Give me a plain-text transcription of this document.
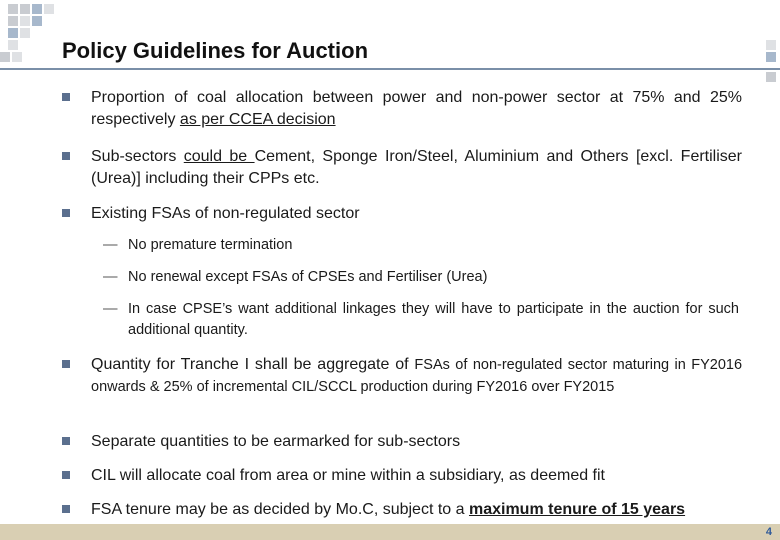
Policy Guidelines for Auction
Proportion of coal allocation between power and non-power sector at 75% and 25% respectively as per CCEA decision
Sub-sectors could be Cement, Sponge Iron/Steel, Aluminium and Others [excl. Fertiliser (Urea)] including their CPPs etc.
Existing FSAs of non-regulated sector
— No premature termination
— No renewal except FSAs of CPSEs and Fertiliser (Urea)
— In case CPSE’s want additional linkages they will have to participate in the auction for such additional quantity.
Quantity for Tranche I shall be aggregate of FSAs of non-regulated sector maturing in FY2016 onwards & 25% of incremental CIL/SCCL production during FY2016 over FY2015
Separate quantities to be earmarked for sub-sectors
CIL will allocate coal from area or mine within a subsidiary, as deemed fit
FSA tenure may be as decided by Mo.C, subject to a maximum tenure of 15 years
4
